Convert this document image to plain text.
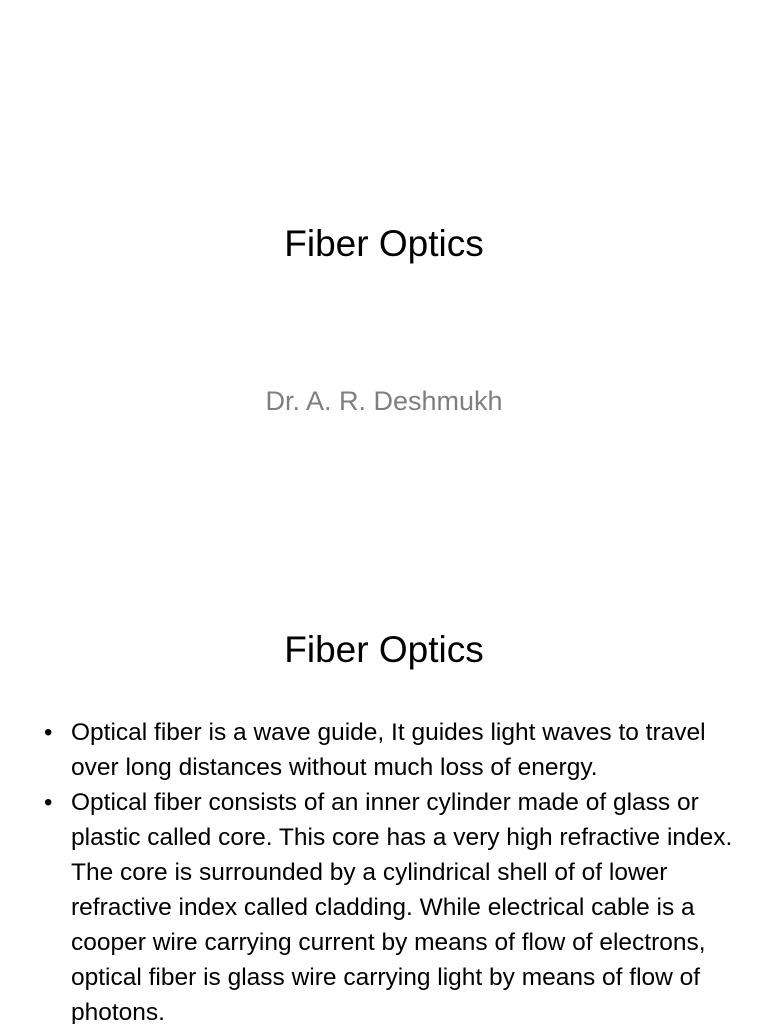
Fiber Optics
Dr. A. R. Deshmukh
Fiber Optics
• Optical fiber is a wave guide, It guides light waves to travel over long distances without much loss of energy.
• Optical fiber consists of an inner cylinder made of glass or plastic called core. This core has a very high refractive index. The core is surrounded by a cylindrical shell of of lower refractive index called cladding. While electrical cable is a cooper wire carrying current by means of flow of electrons, optical fiber is glass wire carrying light by means of flow of photons.
